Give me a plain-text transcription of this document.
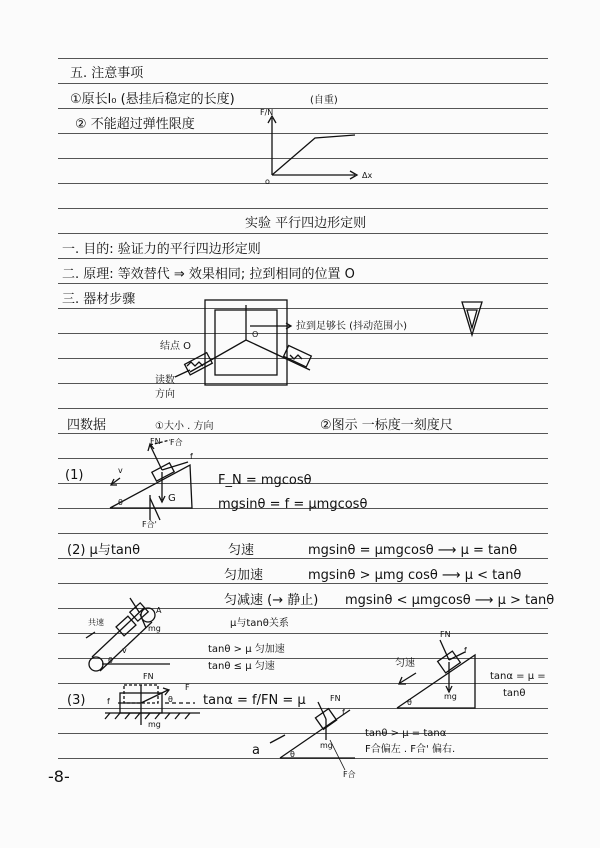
五. 注意事项
①原长l₀ (悬挂后稳定的长度)	(自重)
② 不能超过弹性限度
F/N
Δx
o
实验 平行四边形定则
一. 目的: 验证力的平行四边形定则
二. 原理: 等效替代 ⇒ 效果相同; 拉到相同的位置 O
三. 器材步骤
结点 O
O
读数
方向
拉到足够长 (抖动范围小)
四数据	①大小 . 方向	②图示 一标度一刻度尺
(1)	v
FN F合
f
G
θ
F合'
F_N = mgcosθ
mgsinθ = f = μmgcosθ
(2) μ与tanθ	匀速	mgsinθ = μmgcosθ ⟶ μ = tanθ
匀加速	mgsinθ > μmg cosθ ⟶ μ < tanθ
匀减速 (→ 静止) mgsinθ < μmgcosθ ⟶ μ > tanθ
μ与tanθ关系
tanθ > μ 匀加速
tanθ ≤ μ 匀速
共速
A
mg
v
θ	匀速
mg
f
FN
θ
tanα = μ =
tanθ
(3)
FN
F
f
mg
θ tanα = f/FN = μ
a	mg
FN
f
θ
F合
tanθ > μ = tanα
F合偏左 . F合' 偏右.
-8-
